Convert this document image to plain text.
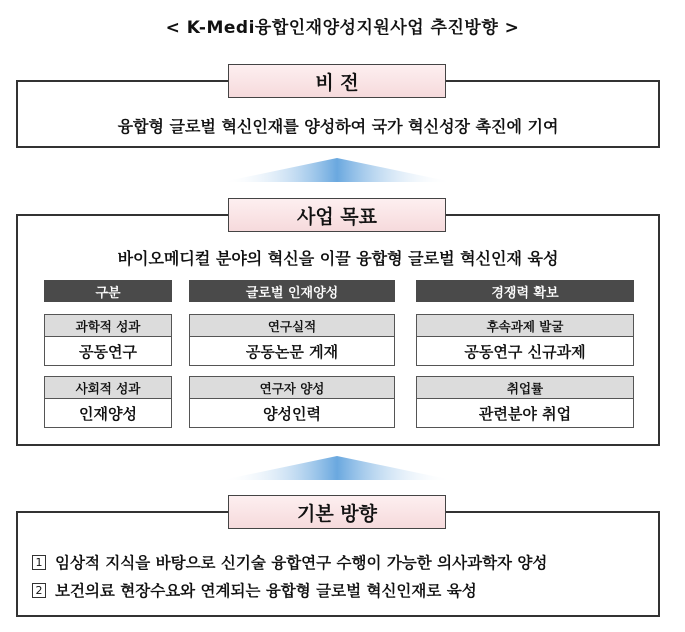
< K-Medi융합인재양성지원사업 추진방향 >
비 전
융합형 글로벌 혁신인재를 양성하여 국가 혁신성장 촉진에 기여
사업 목표
바이오메디컬 분야의 혁신을 이끌 융합형 글로벌 혁신인재 육성
구분	글로벌 인재양성	경쟁력 확보
과학적 성과
공동연구
연구실적
공동논문 게재
후속과제 발굴
공동연구 신규과제
사회적 성과
인재양성
연구자 양성
양성인력
취업률
관련분야 취업
기본 방향
1 임상적 지식을 바탕으로 신기술 융합연구 수행이 가능한 의사과학자 양성
2 보건의료 현장수요와 연계되는 융합형 글로벌 혁신인재로 육성
